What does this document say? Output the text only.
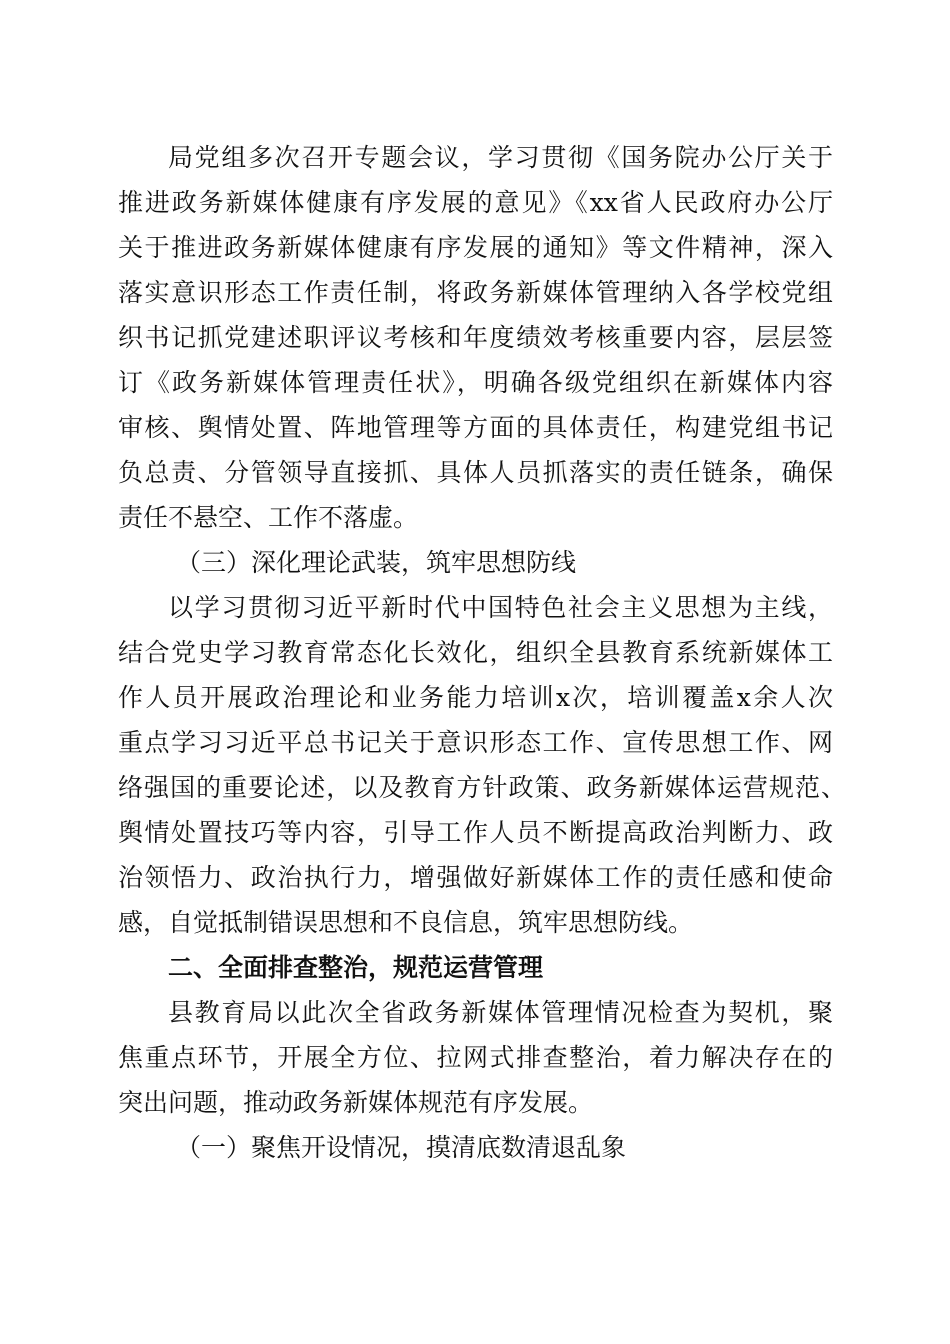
局党组多次召开专题会议，学习贯彻《国务院办公厅关于
推进政务新媒体健康有序发展的意见》《xx省人民政府办公厅
关于推进政务新媒体健康有序发展的通知》等文件精神，深入
落实意识形态工作责任制，将政务新媒体管理纳入各学校党组
织书记抓党建述职评议考核和年度绩效考核重要内容，层层签
订《政务新媒体管理责任状》，明确各级党组织在新媒体内容
审核、舆情处置、阵地管理等方面的具体责任，构建党组书记
负总责、分管领导直接抓、具体人员抓落实的责任链条，确保
责任不悬空、工作不落虚。
（三）深化理论武装，筑牢思想防线
以学习贯彻习近平新时代中国特色社会主义思想为主线，
结合党史学习教育常态化长效化，组织全县教育系统新媒体工
作人员开展政治理论和业务能力培训x次，培训覆盖x余人次
重点学习习近平总书记关于意识形态工作、宣传思想工作、网
络强国的重要论述，以及教育方针政策、政务新媒体运营规范、
舆情处置技巧等内容，引导工作人员不断提高政治判断力、政
治领悟力、政治执行力，增强做好新媒体工作的责任感和使命
感，自觉抵制错误思想和不良信息，筑牢思想防线。
二、全面排查整治，规范运营管理
县教育局以此次全省政务新媒体管理情况检查为契机，聚
焦重点环节，开展全方位、拉网式排查整治，着力解决存在的
突出问题，推动政务新媒体规范有序发展。
（一）聚焦开设情况，摸清底数清退乱象
